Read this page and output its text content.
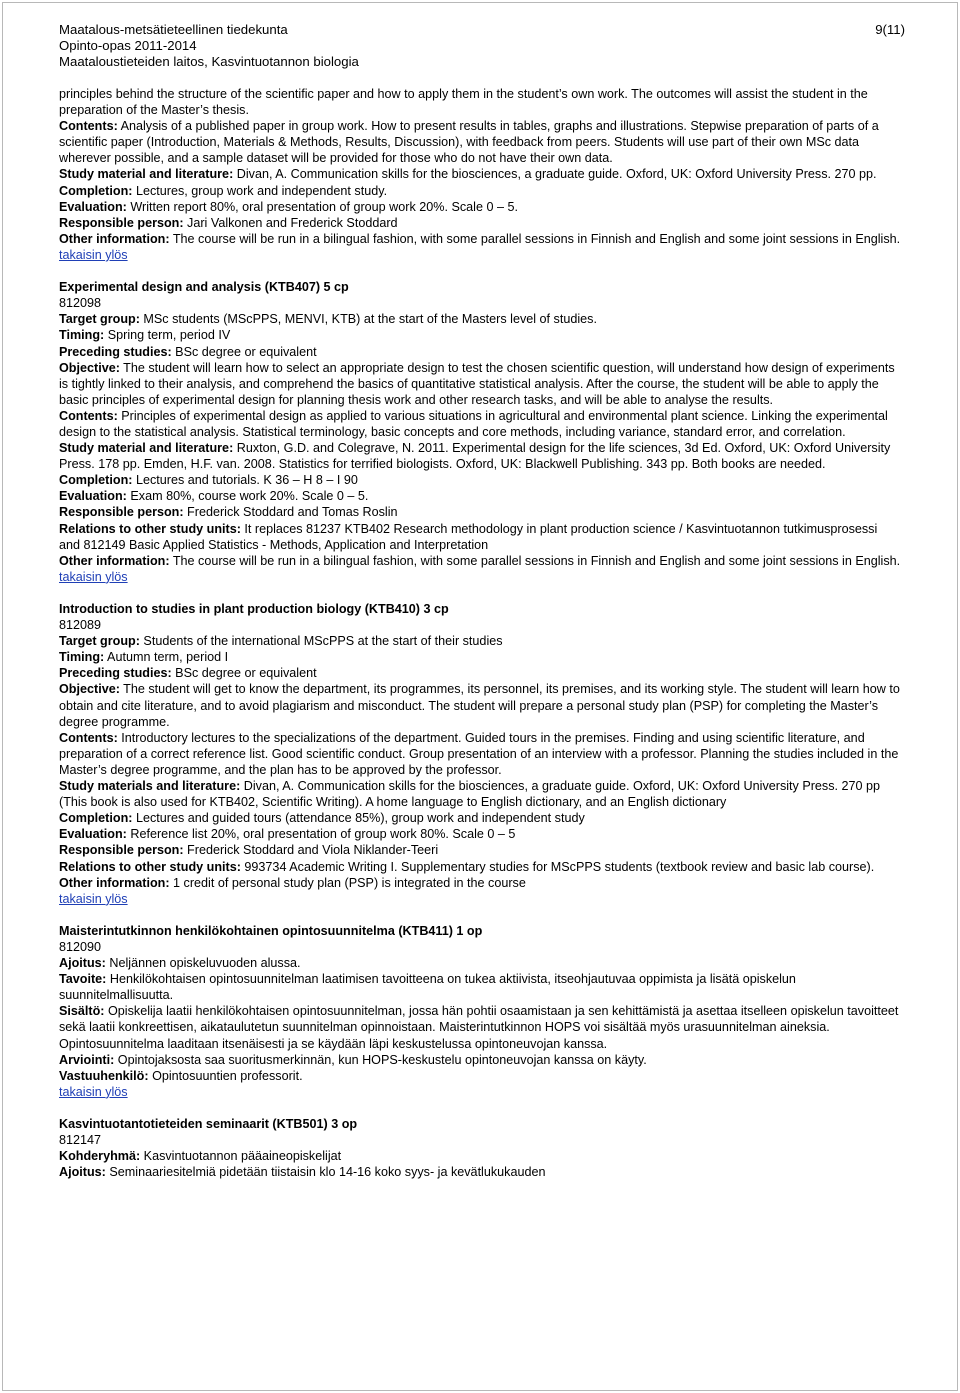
Maatalous-metsätieteellinen tiedekunta
Opinto-opas 2011-2014
Maataloustieteiden laitos, Kasvintuotannon biologia
9(11)

principles behind the structure of the scientific paper and how to apply them in the student’s own work. The outcomes will assist the student in the preparation of the Master’s thesis.

Contents: Analysis of a published paper in group work. How to present results in tables, graphs and illustrations. Stepwise preparation of parts of a scientific paper (Introduction, Materials & Methods, Results, Discussion), with feedback from peers. Students will use part of their own MSc data wherever possible, and a sample dataset will be provided for those who do not have their own data.

Study material and literature: Divan, A. Communication skills for the biosciences, a graduate guide. Oxford, UK: Oxford University Press. 270 pp.

Completion: Lectures, group work and independent study.

Evaluation: Written report 80%, oral presentation of group work 20%. Scale 0 – 5.

Responsible person: Jari Valkonen and Frederick Stoddard

Other information: The course will be run in a bilingual fashion, with some parallel sessions in Finnish and English and some joint sessions in English.

takaisin ylös

Experimental design and analysis (KTB407) 5 cp

812098

Target group: MSc students (MScPPS, MENVI, KTB) at the start of the Masters level of studies.

Timing: Spring term, period IV

Preceding studies: BSc degree or equivalent

Objective: The student will learn how to select an appropriate design to test the chosen scientific question, will understand how design of experiments is tightly linked to their analysis, and comprehend the basics of quantitative statistical analysis. After the course, the student will be able to apply the basic principles of experimental design for planning thesis work and other research tasks, and will be able to analyse the results.

Contents: Principles of experimental design as applied to various situations in agricultural and environmental plant science. Linking the experimental design to the statistical analysis. Statistical terminology, basic concepts and core methods, including variance, standard error, and correlation.

Study material and literature: Ruxton, G.D. and Colegrave, N. 2011. Experimental design for the life sciences, 3d Ed. Oxford, UK: Oxford University Press. 178 pp. Emden, H.F. van. 2008. Statistics for terrified biologists. Oxford, UK: Blackwell Publishing. 343 pp. Both books are needed.

Completion: Lectures and tutorials. K 36 – H 8 – I 90

Evaluation: Exam 80%, course work 20%. Scale 0 – 5.

Responsible person: Frederick Stoddard and Tomas Roslin

Relations to other study units: It replaces 81237 KTB402 Research methodology in plant production science / Kasvintuotannon tutkimusprosessi and 812149 Basic Applied Statistics - Methods, Application and Interpretation

Other information: The course will be run in a bilingual fashion, with some parallel sessions in Finnish and English and some joint sessions in English.

takaisin ylös

Introduction to studies in plant production biology (KTB410) 3 cp

812089

Target group: Students of the international MScPPS at the start of their studies

Timing: Autumn term, period I

Preceding studies: BSc degree or equivalent

Objective: The student will get to know the department, its programmes, its personnel, its premises, and its working style. The student will learn how to obtain and cite literature, and to avoid plagiarism and misconduct. The student will prepare a personal study plan (PSP) for completing the Master’s degree programme.

Contents: Introductory lectures to the specializations of the department. Guided tours in the premises. Finding and using scientific literature, and preparation of a correct reference list. Good scientific conduct. Group presentation of an interview with a professor. Planning the studies included in the Master’s degree programme, and the plan has to be approved by the professor.

Study materials and literature: Divan, A. Communication skills for the biosciences, a graduate guide. Oxford, UK: Oxford University Press. 270 pp (This book is also used for KTB402, Scientific Writing). A home language to English dictionary, and an English dictionary

Completion: Lectures and guided tours (attendance 85%), group work and independent study

Evaluation: Reference list 20%, oral presentation of group work 80%. Scale 0 – 5

Responsible person: Frederick Stoddard and Viola Niklander-Teeri

Relations to other study units: 993734 Academic Writing I. Supplementary studies for MScPPS students (textbook review and basic lab course).

Other information: 1 credit of personal study plan (PSP) is integrated in the course

takaisin ylös

Maisterintutkinnon henkilökohtainen opintosuunnitelma (KTB411) 1 op

812090

Ajoitus: Neljännen opiskeluvuoden alussa.

Tavoite: Henkilökohtaisen opintosuunnitelman laatimisen tavoitteena on tukea aktiivista, itseohjautuvaa oppimista ja lisätä opiskelun suunnitelmallisuutta.

Sisältö: Opiskelija laatii henkilökohtaisen opintosuunnitelman, jossa hän pohtii osaamistaan ja sen kehittämistä ja asettaa itselleen opiskelun tavoitteet sekä laatii konkreettisen, aikataulutetun suunnitelman opinnoistaan. Maisterintutkinnon HOPS voi sisältää myös urasuunnitelman aineksia. Opintosuunnitelma laaditaan itsenäisesti ja se käydään läpi keskustelussa opintoneuvojan kanssa.

Arviointi: Opintojaksosta saa suoritusmerkinnän, kun HOPS-keskustelu opintoneuvojan kanssa on käyty.

Vastuuhenkilö: Opintosuuntien professorit.

takaisin ylös

Kasvintuotantotieteiden seminaarit (KTB501) 3 op

812147

Kohderyhmä: Kasvintuotannon pääaineopiskelijat

Ajoitus: Seminaariesitelmiä pidetään tiistaisin klo 14-16 koko syys- ja kevätlukukauden
